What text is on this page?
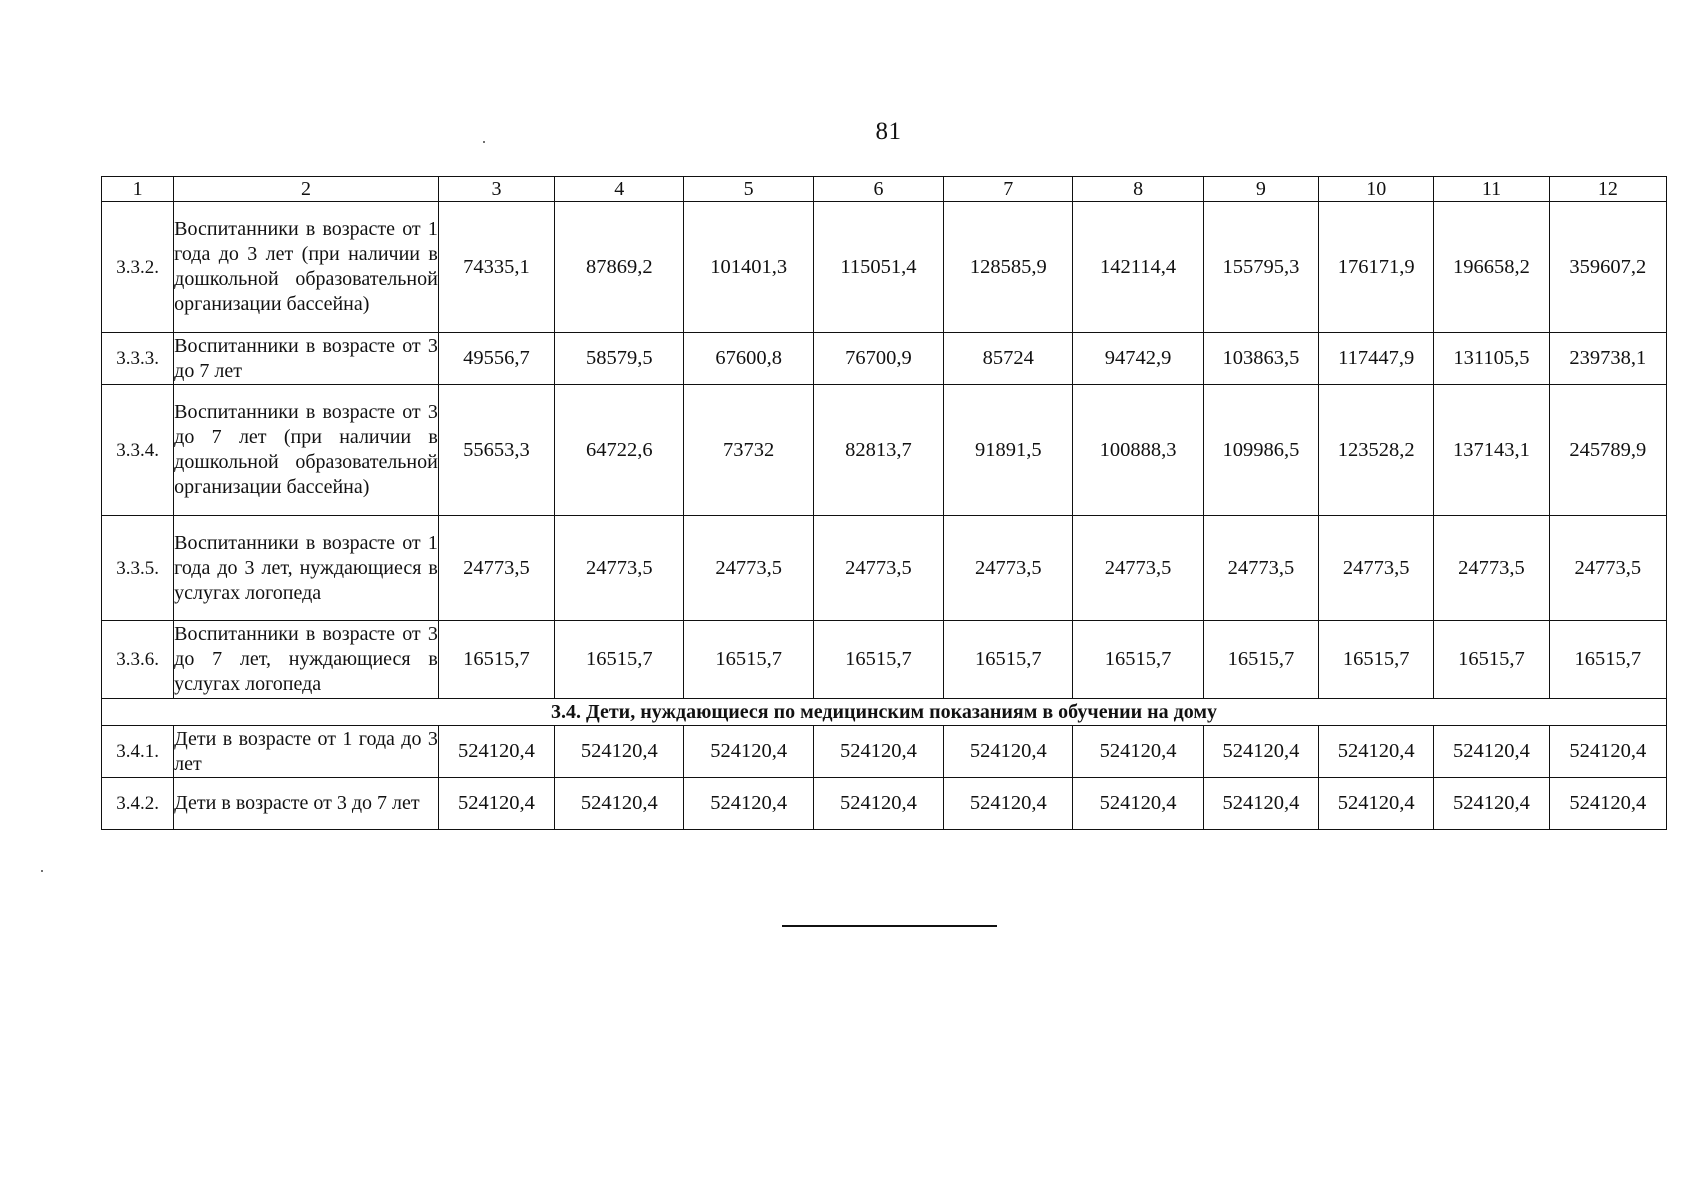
81
1	2	3	4	5	6	7	8	9	10	11	12
3.3.2.	Воспитанники в возрасте от 1 года до 3 лет (при наличии в дошкольной образовательной организации бассейна)	74335,1	87869,2	101401,3	115051,4	128585,9	142114,4	155795,3	176171,9	196658,2	359607,2
3.3.3.	Воспитанники в возрасте от 3 до 7 лет	49556,7	58579,5	67600,8	76700,9	85724	94742,9	103863,5	117447,9	131105,5	239738,1
3.3.4.	Воспитанники в возрасте от 3 до 7 лет (при наличии в дошкольной образовательной организации бассейна)	55653,3	64722,6	73732	82813,7	91891,5	100888,3	109986,5	123528,2	137143,1	245789,9
3.3.5.	Воспитанники в возрасте от 1 года до 3 лет, нуждающиеся в услугах логопеда	24773,5	24773,5	24773,5	24773,5	24773,5	24773,5	24773,5	24773,5	24773,5	24773,5
3.3.6.	Воспитанники в возрасте от 3 до 7 лет, нуждающиеся в услугах логопеда	16515,7	16515,7	16515,7	16515,7	16515,7	16515,7	16515,7	16515,7	16515,7	16515,7
3.4. Дети, нуждающиеся по медицинским показаниям в обучении на дому											
3.4.1.	Дети в возрасте от 1 года до 3 лет	524120,4	524120,4	524120,4	524120,4	524120,4	524120,4	524120,4	524120,4	524120,4	524120,4
3.4.2.	Дети в возрасте от 3 до 7 лет	524120,4	524120,4	524120,4	524120,4	524120,4	524120,4	524120,4	524120,4	524120,4	524120,4
